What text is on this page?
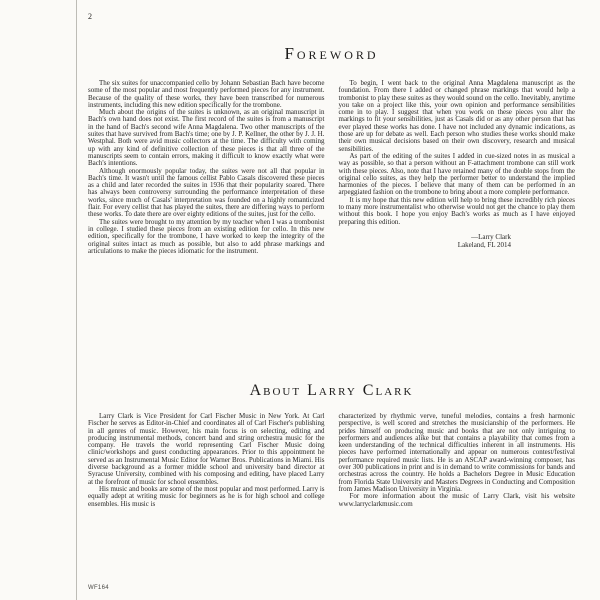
2
Foreword

The six suites for unaccompanied cello by Johann Sebastian Bach have become some of the most popular and most frequently performed pieces for any instrument. Because of the quality of these works, they have been transcribed for numerous instruments, including this new edition specifically for the trombone.

Much about the origins of the suites is unknown, as an original manuscript in Bach's own hand does not exist. The first record of the suites is from a manuscript in the hand of Bach's second wife Anna Magdalena. Two other manuscripts of the suites that have survived from Bach's time; one by J. P. Kellner, the other by J. J. H. Westphal. Both were avid music collectors at the time. The difficulty with coming up with any kind of definitive collection of these pieces is that all three of the manuscripts seem to contain errors, making it difficult to know exactly what were Bach's intentions.

Although enormously popular today, the suites were not all that popular in Bach's time. It wasn't until the famous cellist Pablo Casals discovered these pieces as a child and later recorded the suites in 1936 that their popularity soared. There has always been controversy surrounding the performance interpretation of these works, since much of Casals' interpretation was founded on a highly romanticized flair. For every cellist that has played the suites, there are differing ways to perform these works. To date there are over eighty editions of the suites, just for the cello.

The suites were brought to my attention by my teacher when I was a trombonist in college. I studied these pieces from an existing edition for cello. In this new edition, specifically for the trombone, I have worked to keep the integrity of the original suites intact as much as possible, but also to add phrase markings and articulations to make the pieces idiomatic for the instrument.

To begin, I went back to the original Anna Magdalena manuscript as the foundation. From there I added or changed phrase markings that would help a trombonist to play these suites as they would sound on the cello. Inevitably, anytime you take on a project like this, your own opinion and performance sensibilities come in to play. I suggest that when you work on these pieces you alter the markings to fit your sensibilities, just as Casals did or as any other person that has ever played these works has done. I have not included any dynamic indications, as those are up for debate as well. Each person who studies these works should make their own musical decisions based on their own discovery, research and musical sensibilities.

As part of the editing of the suites I added in cue-sized notes in as musical a way as possible, so that a person without an F-attachment trombone can still work with these pieces. Also, note that I have retained many of the double stops from the original cello suites, as they help the performer better to understand the implied harmonies of the pieces. I believe that many of them can be performed in an arpeggiated fashion on the trombone to bring about a more complete performance.

It is my hope that this new edition will help to bring these incredibly rich pieces to many more instrumentalist who otherwise would not get the chance to play them without this book. I hope you enjoy Bach's works as much as I have enjoyed preparing this edition.

—Larry Clark
Lakeland, FL 2014
About Larry Clark

Larry Clark is Vice President for Carl Fischer Music in New York. At Carl Fischer he serves as Editor-in-Chief and coordinates all of Carl Fischer's publishing in all genres of music. However, his main focus is on selecting, editing and producing instrumental methods, concert band and string orchestra music for the company. He travels the world representing Carl Fischer Music doing clinic/workshops and guest conducting appearances. Prior to this appointment he served as an Instrumental Music Editor for Warner Bros. Publications in Miami. His diverse background as a former middle school and university band director at Syracuse University, combined with his composing and editing, have placed Larry at the forefront of music for school ensembles.

His music and books are some of the most popular and most performed. Larry is equally adept at writing music for beginners as he is for high school and college ensembles. His music is

characterized by rhythmic verve, tuneful melodies, contains a fresh harmonic perspective, is well scored and stretches the musicianship of the performers. He prides himself on producing music and books that are not only intriguing to performers and audiences alike but that contains a playability that comes from a keen understanding of the technical difficulties inherent in all instruments. His pieces have performed internationally and appear on numerous contest/festival performance required music lists. He is an ASCAP award-winning composer, has over 300 publications in print and is in demand to write commissions for bands and orchestras across the country. He holds a Bachelors Degree in Music Education from Florida State University and Masters Degrees in Conducting and Composition from James Madison University in Virginia.

For more information about the music of Larry Clark, visit his website www.larryclarkmusic.com

WF164
